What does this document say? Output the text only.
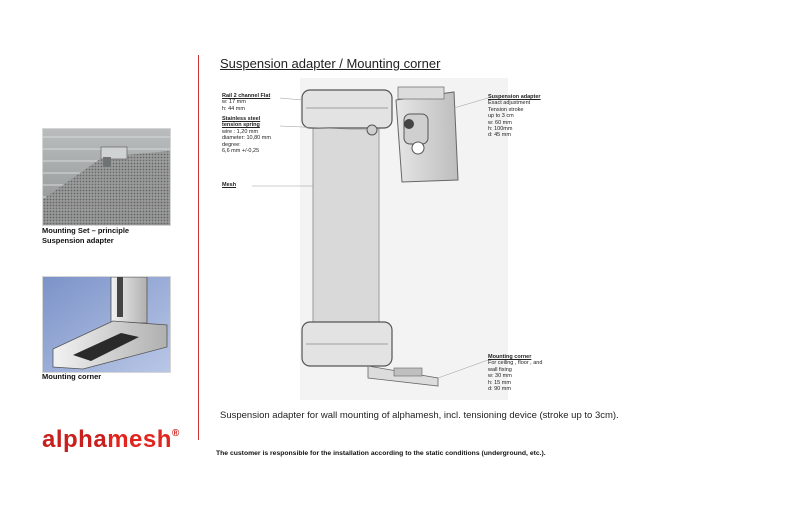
Mounting Set – principle
Suspension adapter
Mounting corner
Suspension adapter / Mounting corner
Rail 2 channel Flat
w: 17 mm
h: 44 mm
Stainless steel tension spring
wire : 1,20 mm
diameter: 10,80 mm
degree:
6,6 mm +/-0,25
Mesh
Suspension adapter
Exact adjustment
Tension stroke
up to 3 cm
w: 60 mm
h: 100mm
d: 45 mm
Mounting corner
For ceiling , floor , and
wall fixing
w: 30 mm
h: 15 mm
d: 90 mm
Suspension adapter for wall mounting of alphamesh, incl. tensioning device (stroke up to 3cm).
alphamesh®
The customer is responsible for the installation according to the static conditions (underground, etc.).
